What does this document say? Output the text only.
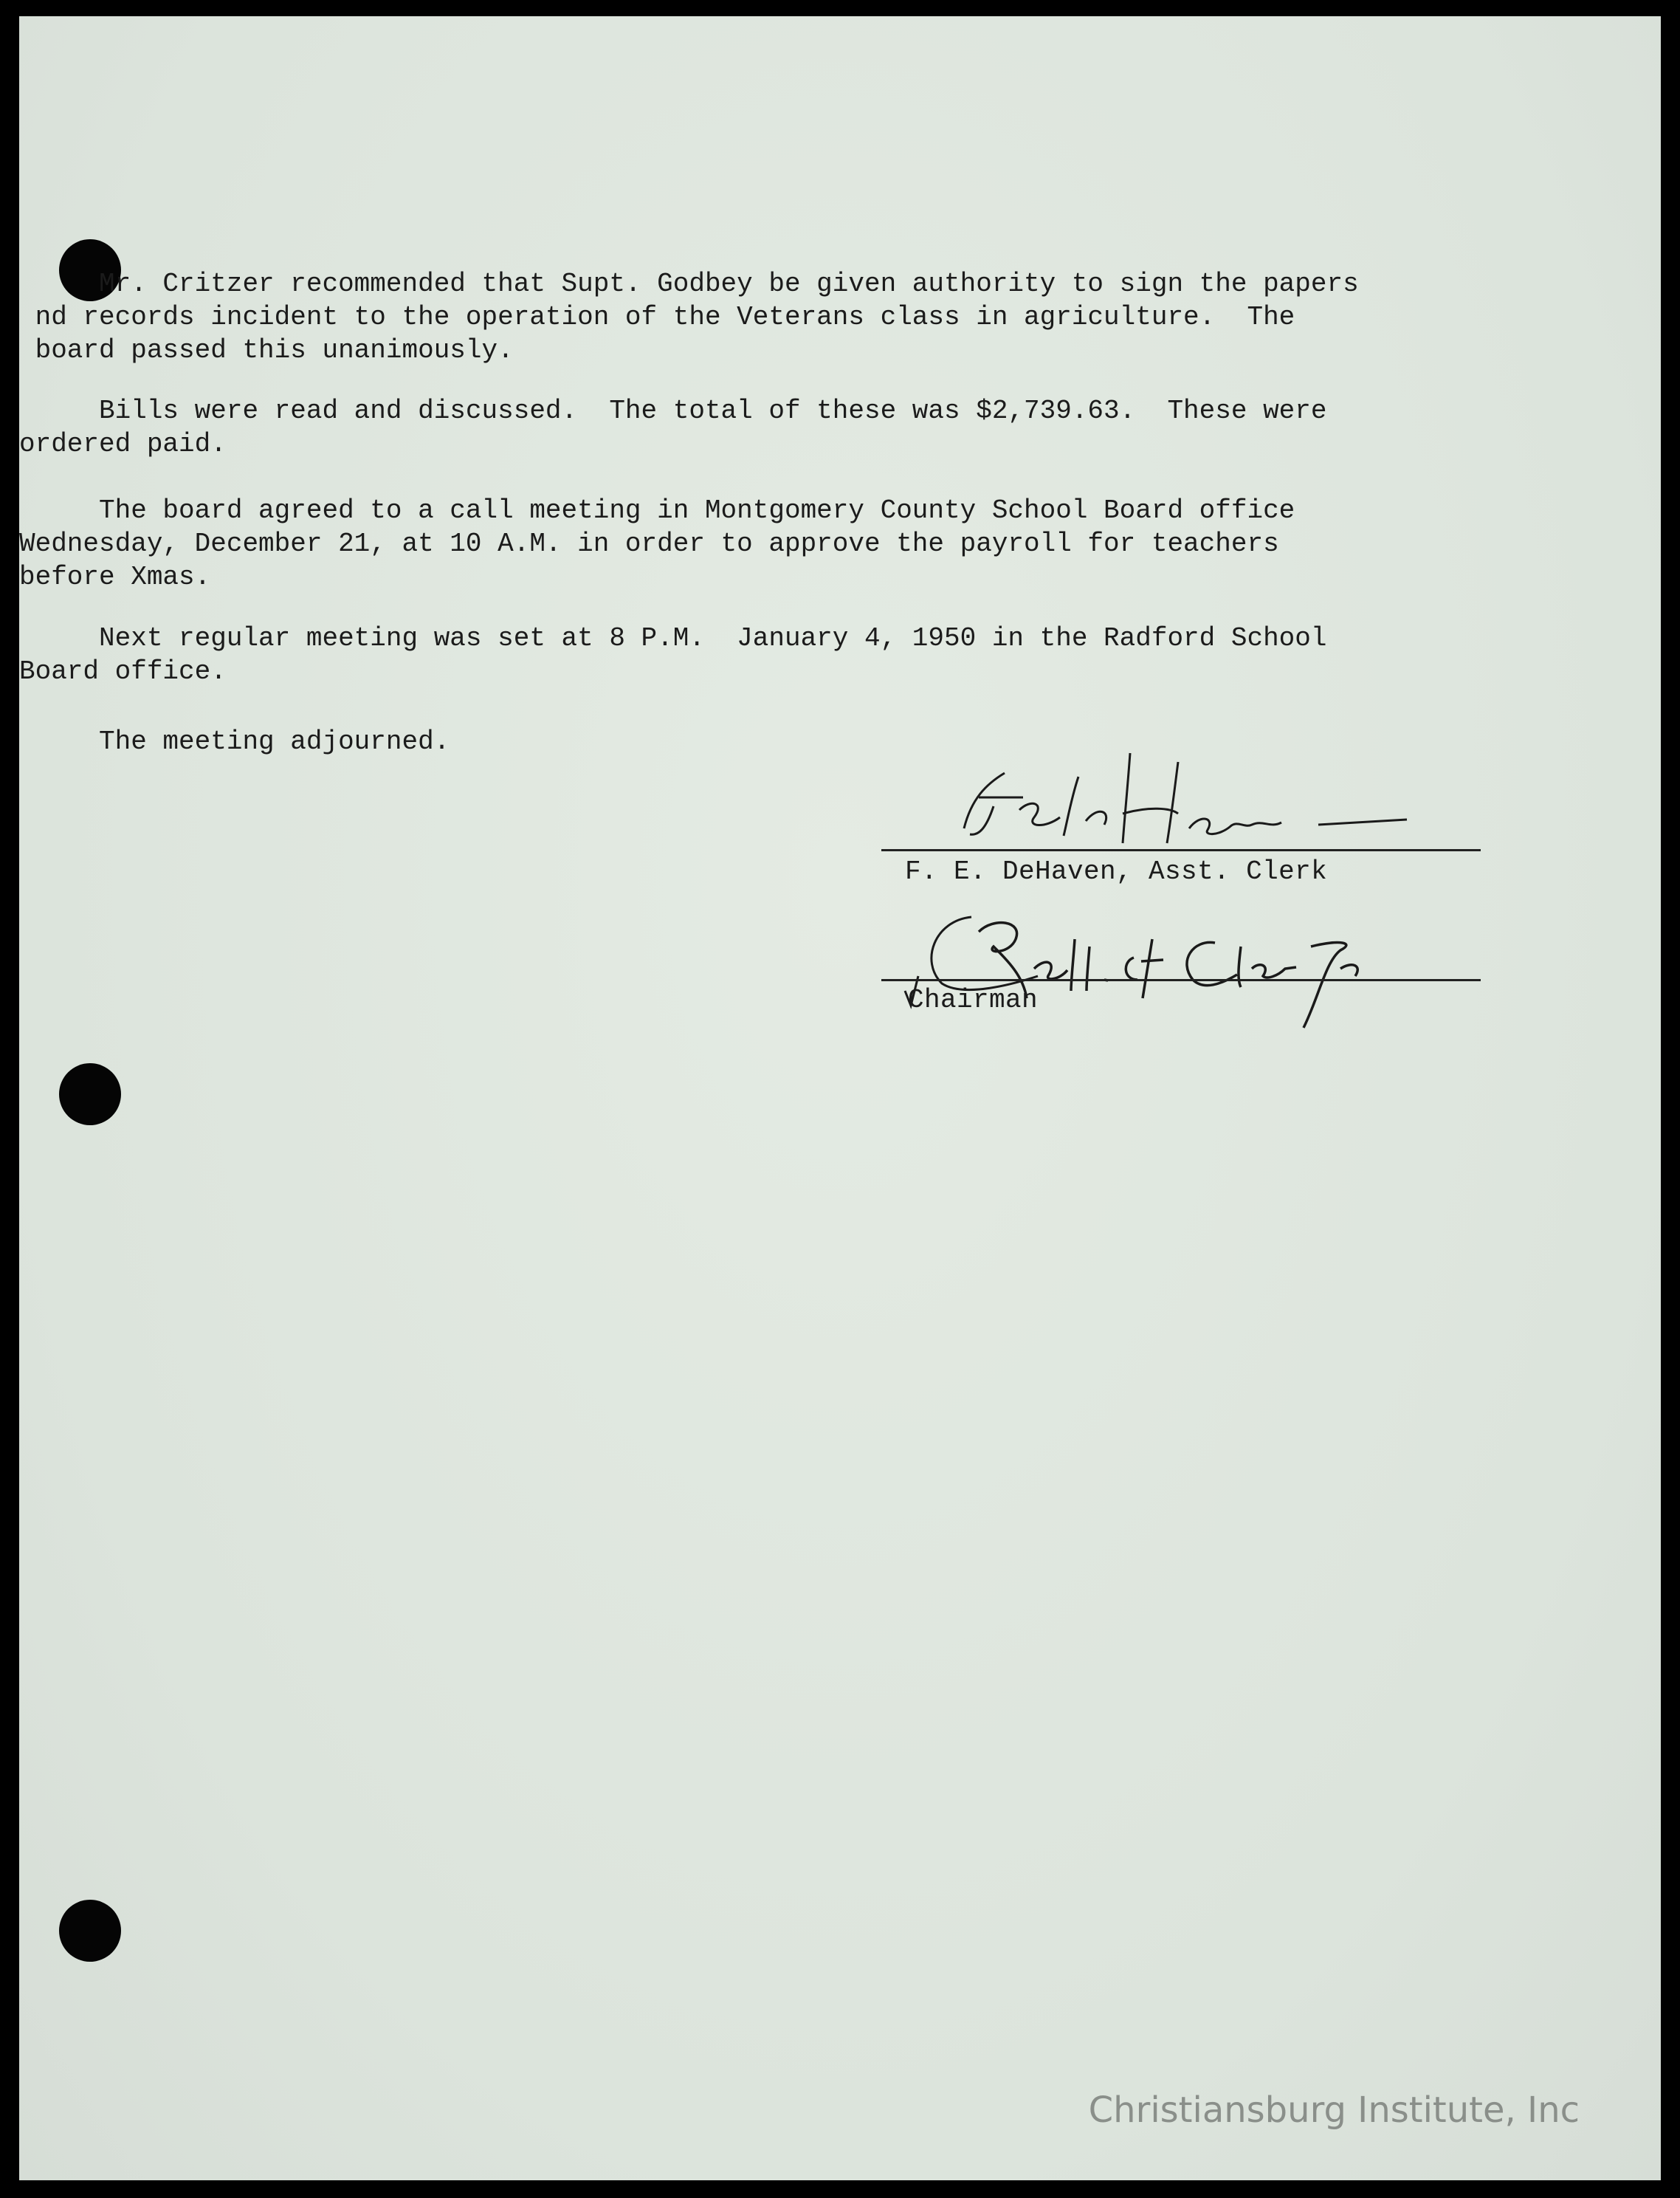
Mr. Critzer recommended that Supt. Godbey be given authority to sign the papers
nd records incident to the operation of the Veterans class in agriculture.  The
board passed this unanimously.
Bills were read and discussed.  The total of these was $2,739.63.  These were
ordered paid.
The board agreed to a call meeting in Montgomery County School Board office
Wednesday, December 21, at 10 A.M. in order to approve the payroll for teachers
before Xmas.
Next regular meeting was set at 8 P.M.  January 4, 1950 in the Radford School
Board office.
The meeting adjourned.
F. E. DeHaven, Asst. Clerk
Chairman
Christiansburg Institute, Inc
